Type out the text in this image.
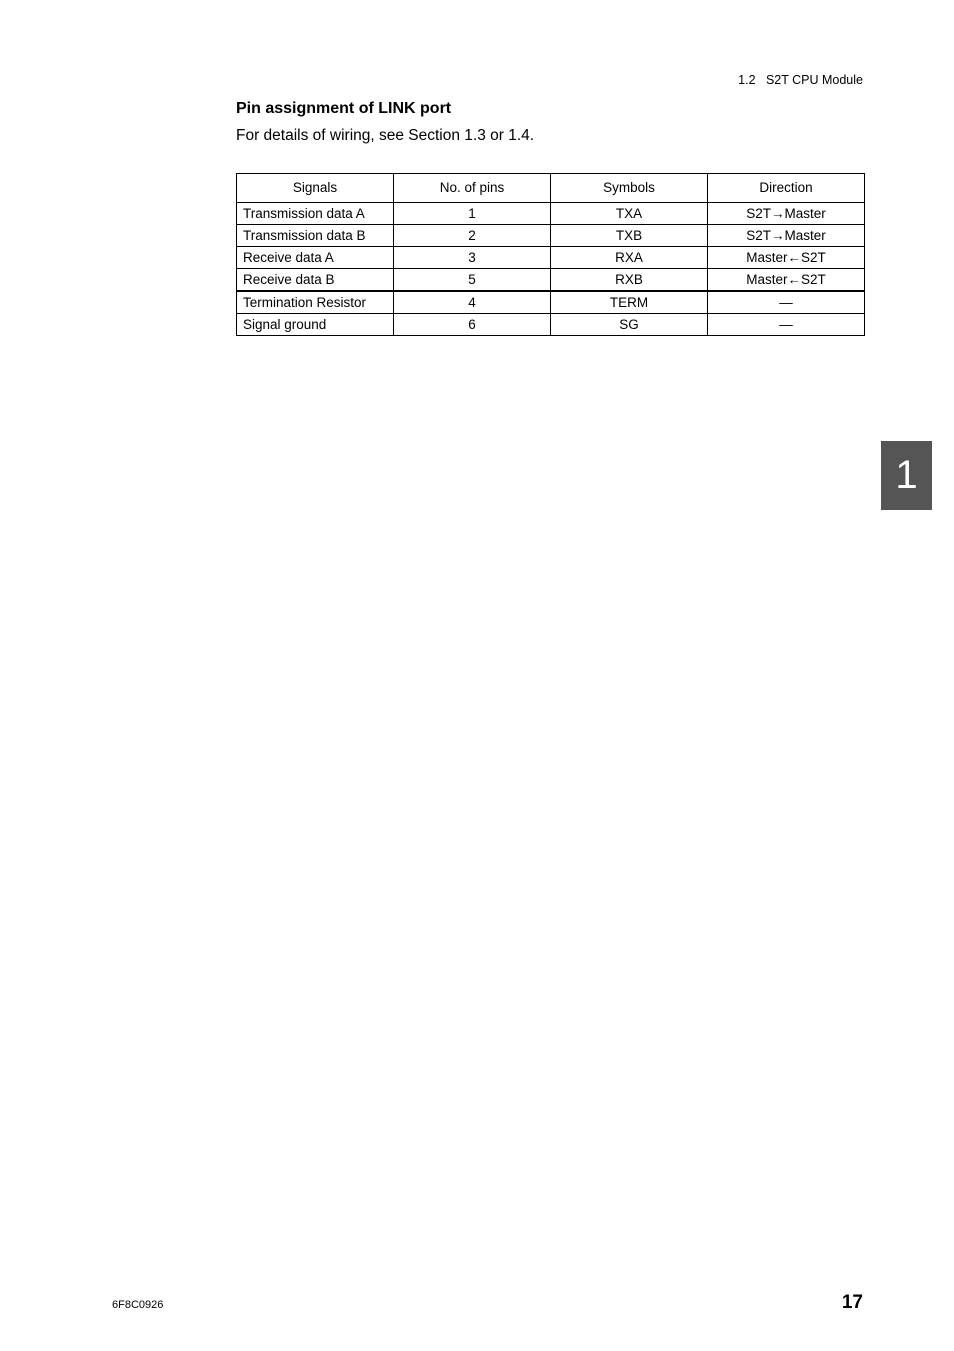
1.2   S2T CPU Module
Pin assignment of LINK port
For details of wiring, see Section 1.3 or 1.4.
Signals	No. of pins	Symbols	Direction
Transmission data A	1	TXA	S2T→Master
Transmission data B	2	TXB	S2T→Master
Receive data A	3	RXA	Master←S2T
Receive data B	5	RXB	Master←S2T
Termination Resistor	4	TERM	—
Signal ground	6	SG	—
1
6F8C0926	17
